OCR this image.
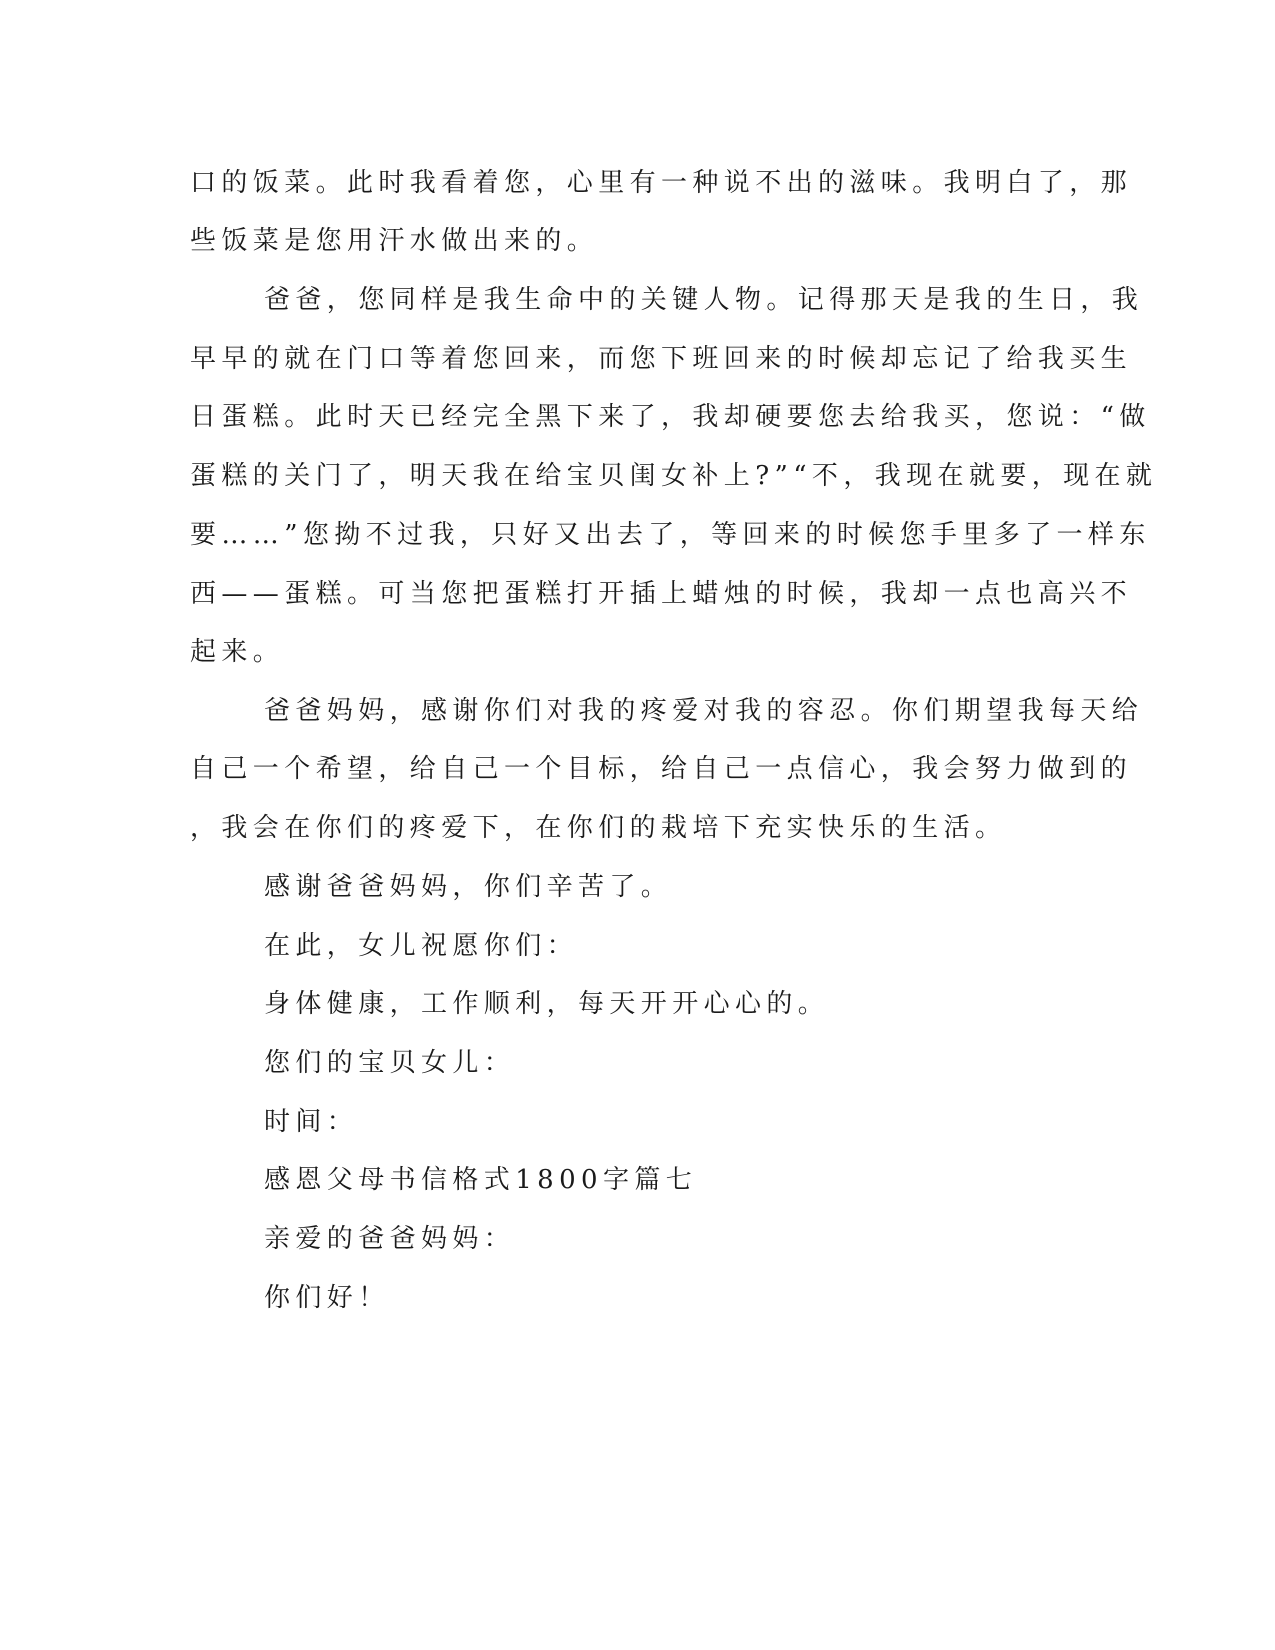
口的饭菜。此时我看着您，心里有一种说不出的滋味。我明白了，那
些饭菜是您用汗水做出来的。
爸爸，您同样是我生命中的关键人物。记得那天是我的生日，我
早早的就在门口等着您回来，而您下班回来的时候却忘记了给我买生
日蛋糕。此时天已经完全黑下来了，我却硬要您去给我买，您说：“做
蛋糕的关门了，明天我在给宝贝闺女补上?”“不，我现在就要，现在就
要……”您拗不过我，只好又出去了，等回来的时候您手里多了一样东
西——蛋糕。可当您把蛋糕打开插上蜡烛的时候，我却一点也高兴不
起来。
爸爸妈妈，感谢你们对我的疼爱对我的容忍。你们期望我每天给
自己一个希望，给自己一个目标，给自己一点信心，我会努力做到的
，我会在你们的疼爱下，在你们的栽培下充实快乐的生活。
感谢爸爸妈妈，你们辛苦了。
在此，女儿祝愿你们：
身体健康，工作顺利，每天开开心心的。
您们的宝贝女儿：
时间：
感恩父母书信格式1800字篇七
亲爱的爸爸妈妈：
你们好！
